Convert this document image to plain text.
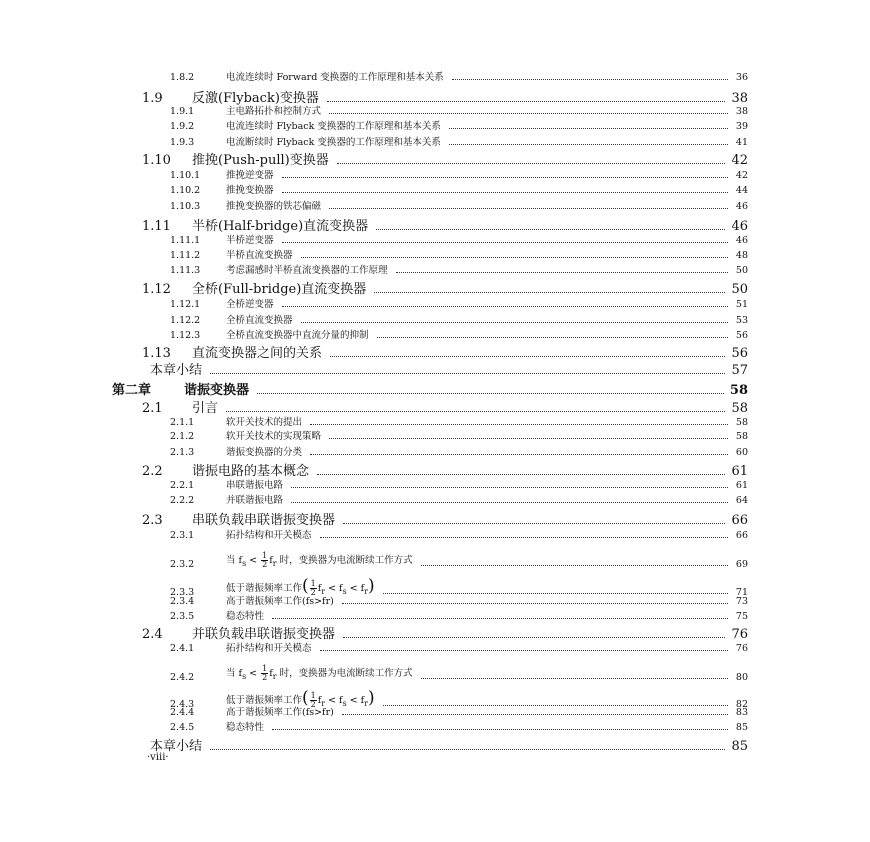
1.8.2	电流连续时 Forward 变换器的工作原理和基本关系	36
1.9	反激(Flyback)变换器	38
1.9.1	主电路拓扑和控制方式	38
1.9.2	电流连续时 Flyback 变换器的工作原理和基本关系	39
1.9.3	电流断续时 Flyback 变换器的工作原理和基本关系	41
1.10	推挽(Push-pull)变换器	42
1.10.1	推挽逆变器	42
1.10.2	推挽变换器	44
1.10.3	推挽变换器的铁芯偏磁	46
1.11	半桥(Half-bridge)直流变换器	46
1.11.1	半桥逆变器	46
1.11.2	半桥直流变换器	48
1.11.3	考虑漏感时半桥直流变换器的工作原理	50
1.12	全桥(Full-bridge)直流变换器	50
1.12.1	全桥逆变器	51
1.12.2	全桥直流变换器	53
1.12.3	全桥直流变换器中直流分量的抑制	56
1.13	直流变换器之间的关系	56
本章小结	57
第二章	谐振变换器	58
2.1	引言	58
2.1.1	软开关技术的提出	58
2.1.2	软开关技术的实现策略	58
2.1.3	谐振变换器的分类	60
2.2	谐振电路的基本概念	61
2.2.1	串联谐振电路	61
2.2.2	并联谐振电路	64
2.3	串联负载串联谐振变换器	66
2.3.1	拓扑结构和开关模态	66
2.3.2	当 $f_s < \frac{1}{2} f_r$ 时，变换器为电流断续工作方式	69
2.3.3	低于谐振频率工作( $\frac{1}{2} f_r < f_s < f_r$)	71
2.3.4	高于谐振频率工作(fs>fr)	73
2.3.5	稳态特性	75
2.4	并联负载串联谐振变换器	76
2.4.1	拓扑结构和开关模态	76
2.4.2	当 $f_s < \frac{1}{2} f_r$ 时，变换器为电流断续工作方式	80
2.4.3	低于谐振频率工作( $\frac{1}{2} f_r < f_s < f_r$)	82
2.4.4	高于谐振频率工作(fs>fr)	83
2.4.5	稳态特性	85
本章小结	85
·viii·
